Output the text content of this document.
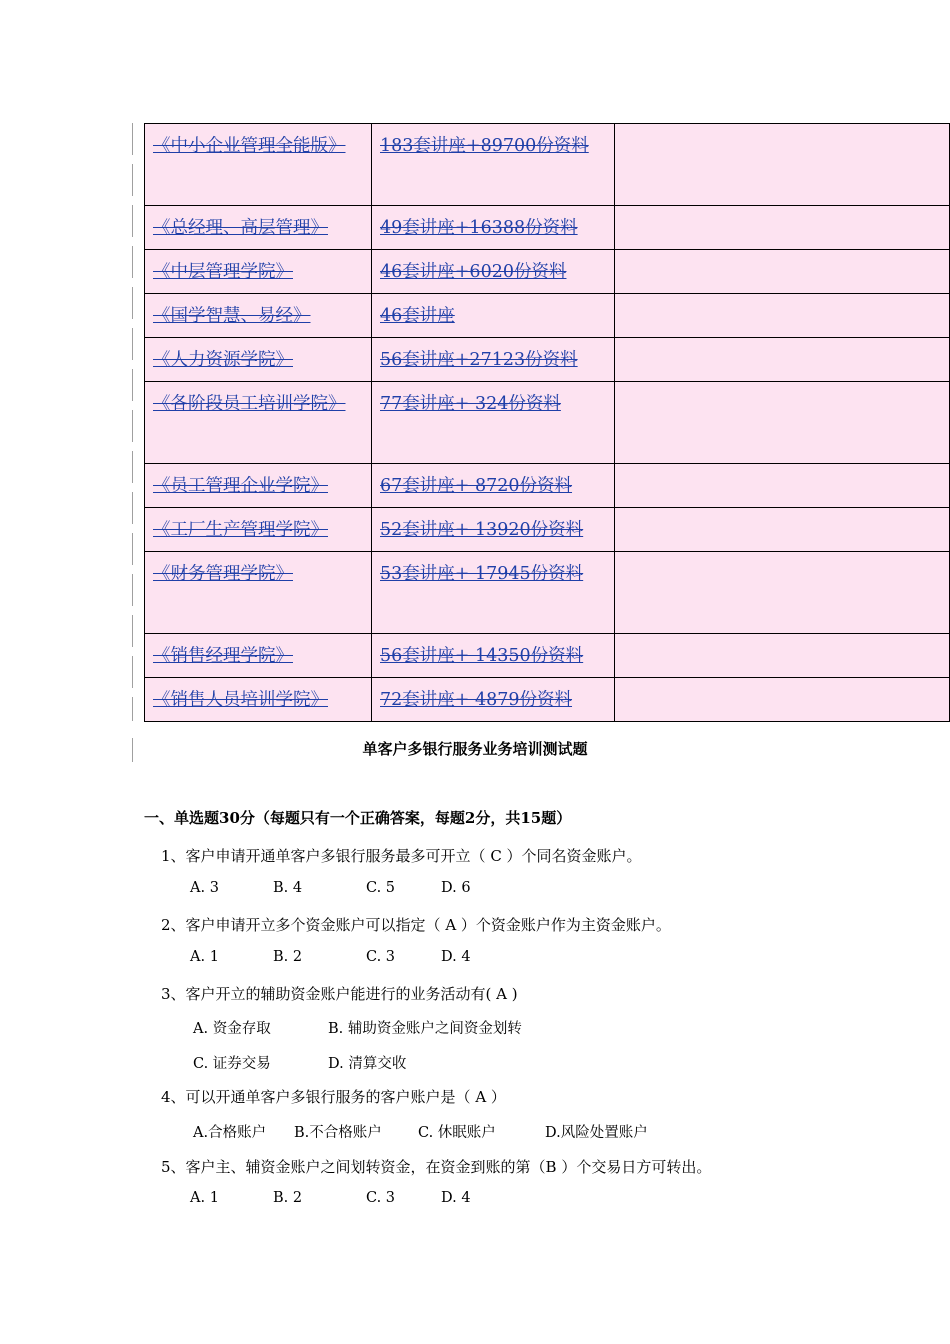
《中小企业管理全能版》	183套讲座+89700份资料	
《总经理、高层管理》	49套讲座+16388份资料	
《中层管理学院》	46套讲座+6020份资料	
《国学智慧、易经》	46套讲座	
《人力资源学院》	56套讲座+27123份资料	
《各阶段员工培训学院》	77套讲座+ 324份资料	
《员工管理企业学院》	67套讲座+ 8720份资料	
《工厂生产管理学院》	52套讲座+ 13920份资料	
《财务管理学院》	53套讲座+ 17945份资料	
《销售经理学院》	56套讲座+ 14350份资料	
《销售人员培训学院》	72套讲座+ 4879份资料	
单客户多银行服务业务培训测试题
一、单选题30分（每题只有一个正确答案，每题2分，共15题）
1、客户申请开通单客户多银行服务最多可开立（ C ）个同名资金账户。
A. 3	B. 4	C. 5	D. 6
2、客户申请开立多个资金账户可以指定（ A ）个资金账户作为主资金账户。
A. 1	B. 2	C. 3	D. 4
3、客户开立的辅助资金账户能进行的业务活动有( A )
A. 资金存取	B. 辅助资金账户之间资金划转
C. 证券交易	D. 清算交收
4、可以开通单客户多银行服务的客户账户是（ A ）
A.合格账户 B.不合格账户 C. 休眠账户	D.风险处置账户
5、客户主、辅资金账户之间划转资金，在资金到账的第（B ）个交易日方可转出。
A. 1	B. 2	C. 3	D. 4
